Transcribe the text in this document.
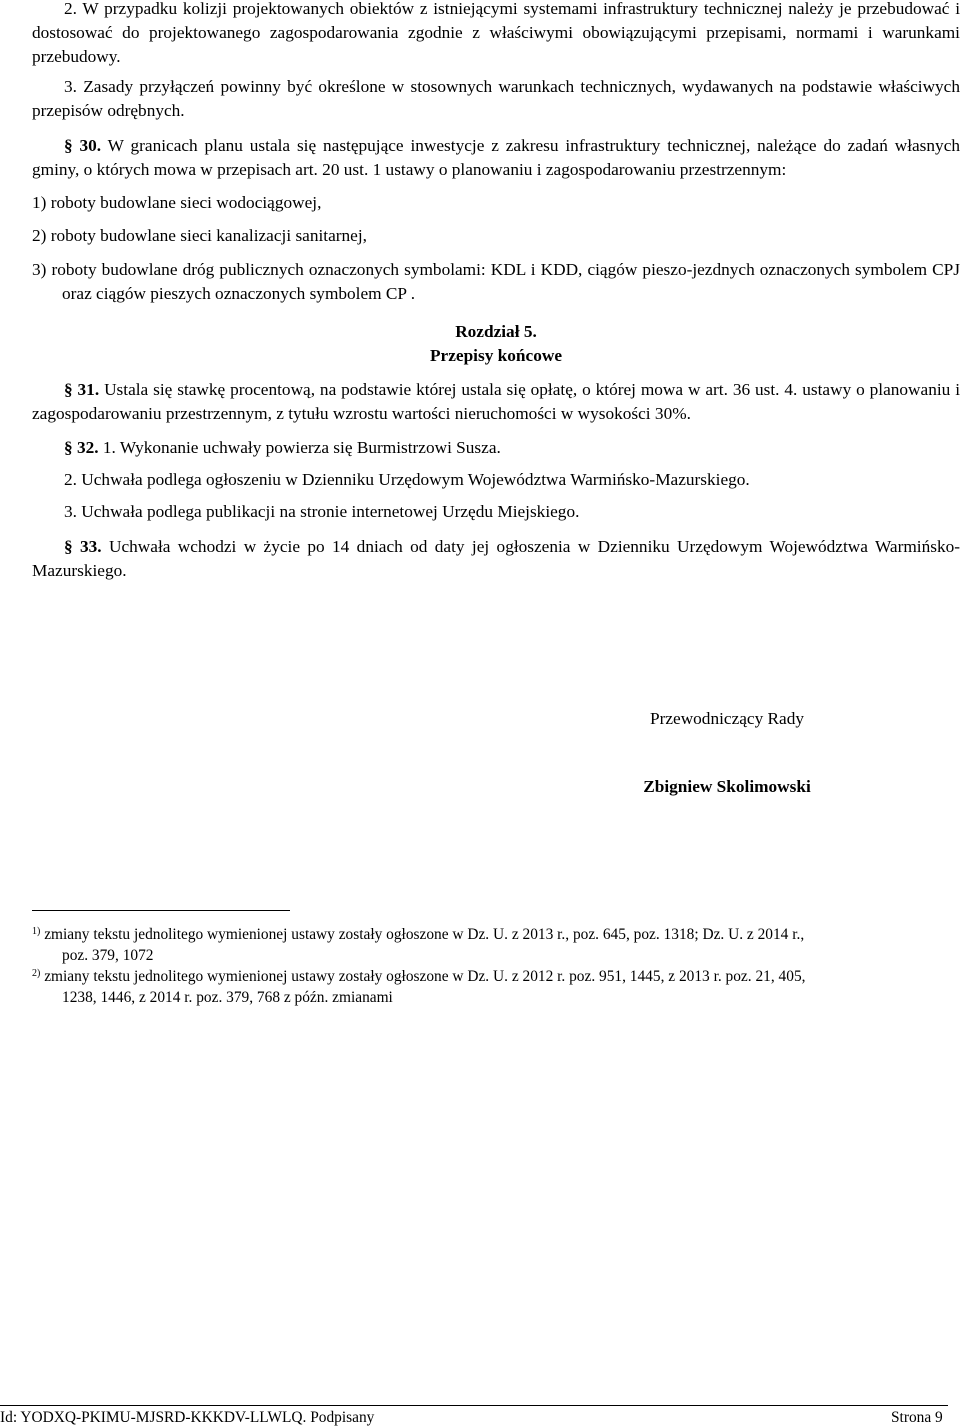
2. W przypadku kolizji projektowanych obiektów z istniejącymi systemami infrastruktury technicznej należy je przebudować i dostosować do projektowanego zagospodarowania zgodnie z właściwymi obowiązującymi przepisami, normami i warunkami przebudowy.

3. Zasady przyłączeń powinny być określone w stosownych warunkach technicznych, wydawanych na podstawie właściwych przepisów odrębnych.

§ 30. W granicach planu ustala się następujące inwestycje z zakresu infrastruktury technicznej, należące do zadań własnych gminy, o których mowa w przepisach art. 20 ust. 1 ustawy o planowaniu i zagospodarowaniu przestrzennym:

1) roboty budowlane sieci wodociągowej,

2) roboty budowlane sieci kanalizacji sanitarnej,

3) roboty budowlane dróg publicznych oznaczonych symbolami: KDL i KDD, ciągów pieszo-jezdnych oznaczonych symbolem CPJ oraz ciągów pieszych oznaczonych symbolem CP .

Rozdział 5.

Przepisy końcowe

§ 31. Ustala się stawkę procentową, na podstawie której ustala się opłatę, o której mowa w art. 36 ust. 4. ustawy o planowaniu i zagospodarowaniu przestrzennym, z tytułu wzrostu wartości nieruchomości w wysokości 30%.

§ 32. 1. Wykonanie uchwały powierza się Burmistrzowi Susza.

2. Uchwała podlega ogłoszeniu w Dzienniku Urzędowym Województwa Warmińsko-Mazurskiego.

3. Uchwała podlega publikacji na stronie internetowej Urzędu Miejskiego.

§ 33. Uchwała wchodzi w życie po 14 dniach od daty jej ogłoszenia w Dzienniku Urzędowym Województwa Warmińsko-Mazurskiego.

Przewodniczący Rady
Zbigniew Skolimowski
$^{1)}$ zmiany tekstu jednolitego wymienionej ustawy zostały ogłoszone w Dz. U. z 2013 r., poz. 645, poz. 1318; Dz. U. z 2014 r.,
poz. 379, 1072
$^{2)}$ zmiany tekstu jednolitego wymienionej ustawy zostały ogłoszone w Dz. U. z 2012 r. poz. 951, 1445, z 2013 r. poz. 21, 405,
1238, 1446, z 2014 r. poz. 379, 768 z późn. zmianami
Id: YODXQ-PKIMU-MJSRD-KKKDV-LLWLQ. Podpisany	Strona 9
